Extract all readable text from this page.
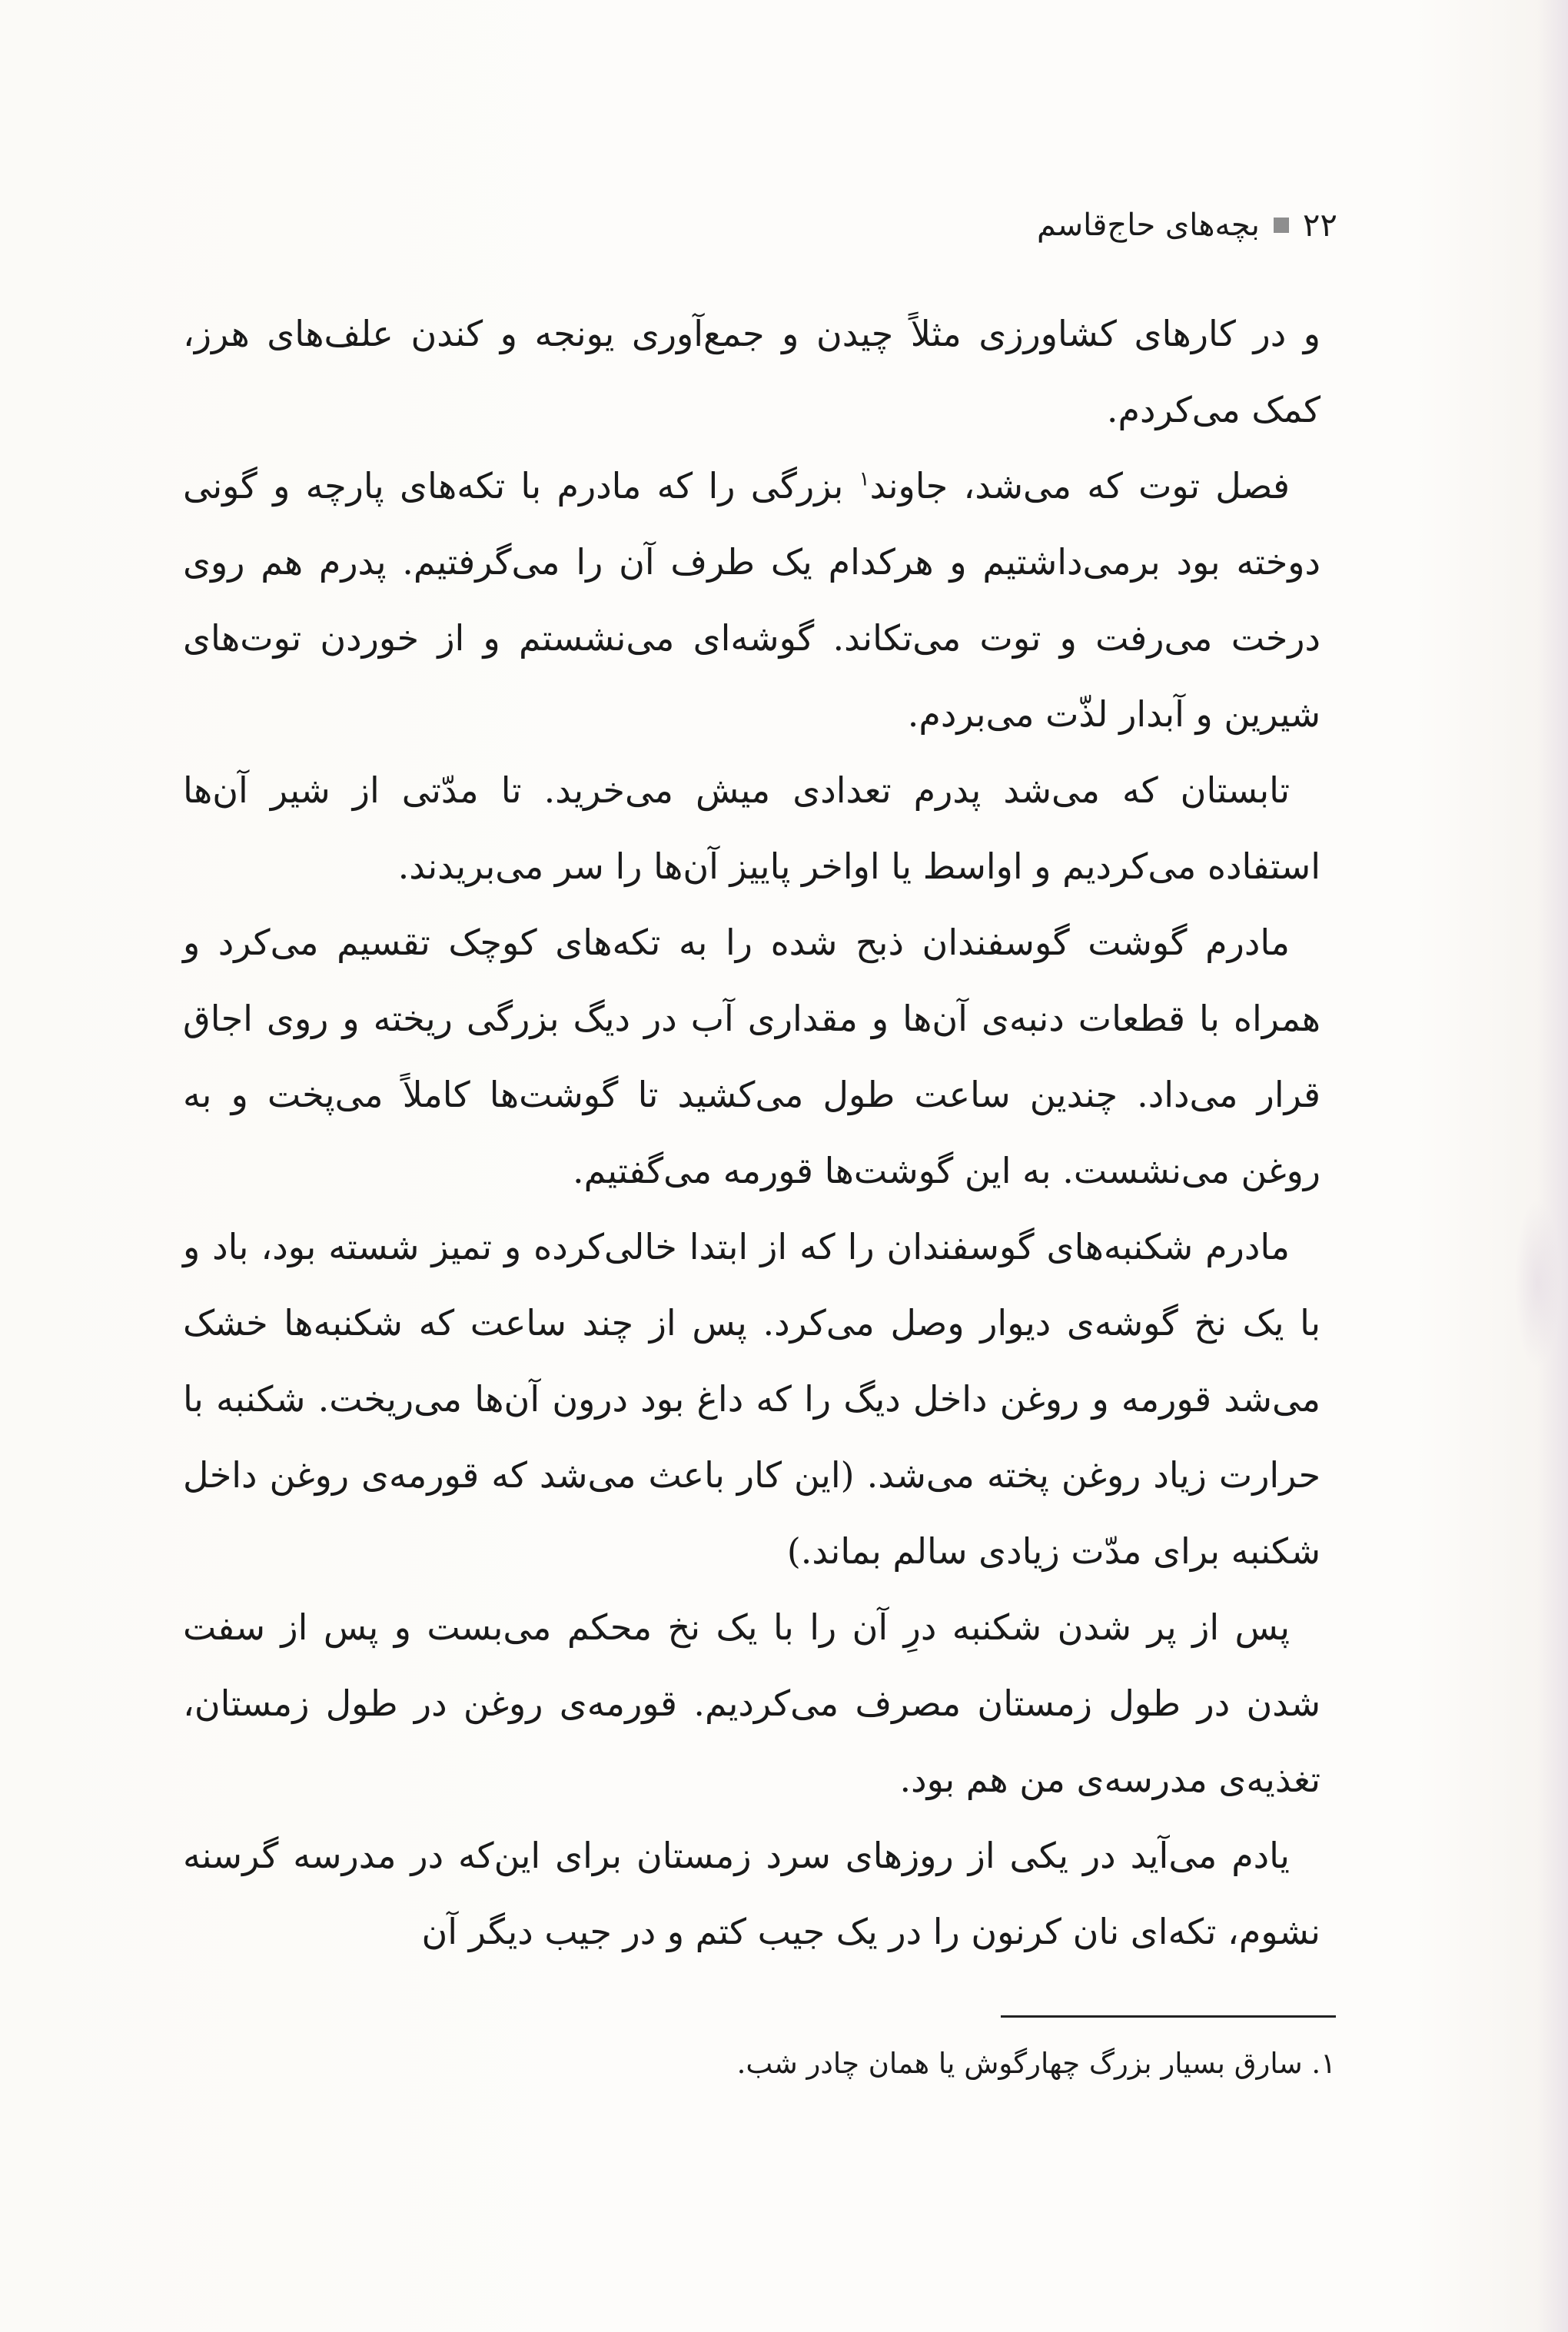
۲۲
بچه‌های حاج‌قاسم

و در کارهای کشاورزی مثلاً چیدن و جمع‌آوری یونجه و کندن علف‌های هرز، کمک می‌کردم.

فصل توت که می‌شد، جاوند$^۱$ بزرگی را که مادرم با تکه‌های پارچه و گونی دوخته بود برمی‌داشتیم و هرکدام یک طرف آن را می‌گرفتیم. پدرم هم روی درخت می‌رفت و توت می‌تکاند. گوشه‌ای می‌نشستم و از خوردن توت‌های شیرین و آبدار لذّت می‌بردم.

تابستان که می‌شد پدرم تعدادی میش می‌خرید. تا مدّتی از شیر آن‌ها استفاده می‌کردیم و اواسط یا اواخر پاییز آن‌ها را سر می‌بریدند.

مادرم گوشت گوسفندان ذبح شده را به تکه‌های کوچک تقسیم می‌کرد و همراه با قطعات دنبه‌ی آن‌ها و مقداری آب در دیگ بزرگی ریخته و روی اجاق قرار می‌داد. چندین ساعت طول می‌کشید تا گوشت‌ها کاملاً می‌پخت و به روغن می‌نشست. به این گوشت‌ها قورمه می‌گفتیم.

مادرم شکنبه‌های گوسفندان را که از ابتدا خالی‌کرده و تمیز شسته بود، باد و با یک نخ گوشه‌ی دیوار وصل می‌کرد. پس از چند ساعت که شکنبه‌ها خشک می‌شد قورمه و روغن داخل دیگ را که داغ بود درون آن‌ها می‌ریخت. شکنبه با حرارت زیاد روغن پخته می‌شد. (این کار باعث می‌شد که قورمه‌ی روغن داخل شکنبه برای مدّت زیادی سالم بماند.)

پس از پر شدن شکنبه درِ آن را با یک نخ محکم می‌بست و پس از سفت شدن در طول زمستان مصرف می‌کردیم. قورمه‌ی روغن در طول زمستان، تغذیه‌ی مدرسه‌ی من هم بود.

یادم می‌آید در یکی از روزهای سرد زمستان برای این‌که در مدرسه گرسنه نشوم، تکه‌ای نان کرنون را در یک جیب کتم و در جیب دیگر آن

۱. سارق بسیار بزرگ چهارگوش یا همان چادر شب.
